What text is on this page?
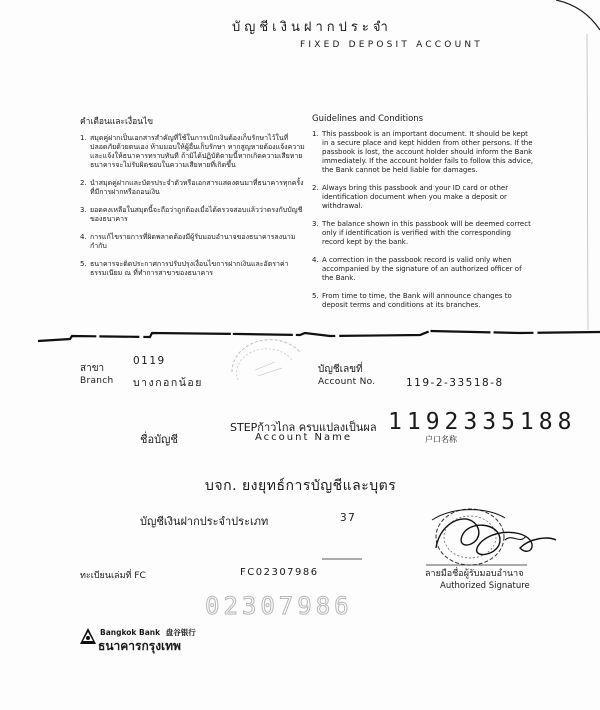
บัญชีเงินฝากประจำ
FIXED DEPOSIT ACCOUNT
คำเตือนและเงื่อนไข
1. สมุดคู่ฝากเป็นเอกสารสำคัญที่ใช้ในการเบิกเงินต้องเก็บรักษาไว้ในที่ปลอดภัยด้วยตนเอง ห้ามมอบให้ผู้อื่นเก็บรักษา หากสูญหายต้องแจ้งความและแจ้งให้ธนาคารทราบทันที ถ้ามิได้ปฏิบัติตามนี้หากเกิดความเสียหายธนาคารจะไม่รับผิดชอบในความเสียหายที่เกิดขึ้น
2. นำสมุดคู่ฝากและบัตรประจำตัวหรือเอกสารแสดงตนมาที่ธนาคารทุกครั้งที่มีการฝากหรือถอนเงิน
3. ยอดคงเหลือในสมุดนี้จะถือว่าถูกต้องเมื่อได้ตรวจสอบแล้วว่าตรงกับบัญชีของธนาคาร
4. การแก้ไขรายการที่ผิดพลาดต้องมีผู้รับมอบอำนาจของธนาคารลงนามกำกับ
5. ธนาคารจะติดประกาศการปรับปรุงเงื่อนไขการฝากเงินและอัตราค่าธรรมเนียม ณ ที่ทำการสาขาของธนาคาร
Guidelines and Conditions
1. This passbook is an important document. It should be kept in a secure place and kept hidden from other persons. If the passbook is lost, the account holder should inform the Bank immediately. If the account holder fails to follow this advice, the Bank cannot be held liable for damages.
2. Always bring this passbook and your ID card or other identification document when you make a deposit or withdrawal.
3. The balance shown in this passbook will be deemed correct only if identification is verified with the corresponding record kept by the bank.
4. A correction in the passbook record is valid only when accompanied by the signature of an authorized officer of the Bank.
5. From time to time, the Bank will announce changes to deposit terms and conditions at its branches.
สาขา
Branch
0119
บางกอกน้อย
บัญชีเลขที่
Account No.	119-2-33518-8
STEPก้าวไกล ครบแปลงเป็นผล 1192335188
ชื่อบัญชี	Account Name	户口名称
บจก. ยงยุทธ์การบัญชีและบุตร
บัญชีเงินฝากประจำประเภท	37
ทะเบียนเล่มที่ FC	FC02307986	ลายมือชื่อผู้รับมอบอำนาจ
Authorized Signature
02307986
Bangkok Bank 盘谷银行
ธนาคารกรุงเทพ
